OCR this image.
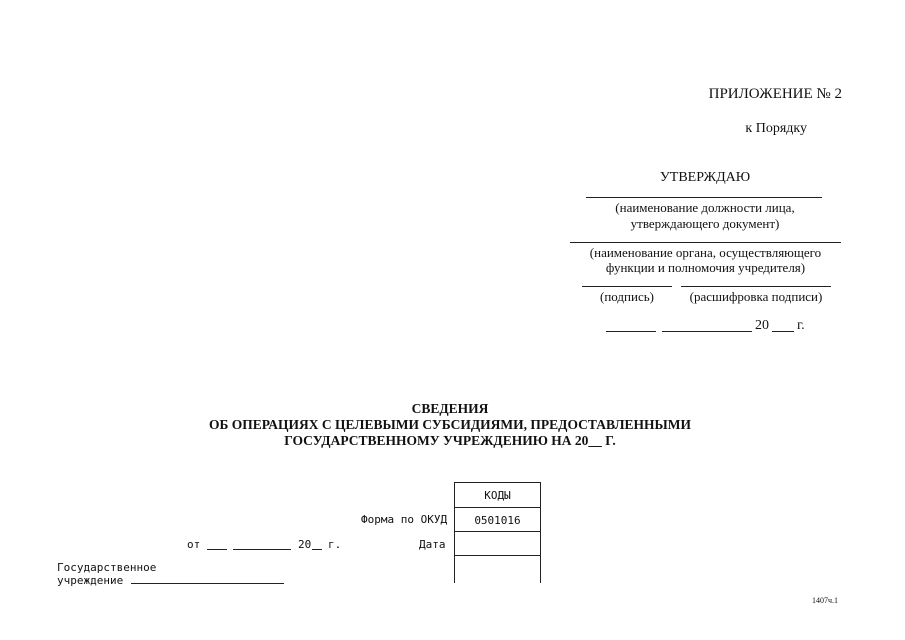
ПРИЛОЖЕНИЕ № 2
к Порядку
УТВЕРЖДАЮ
(наименование должности лица,
утверждающего документ)
(наименование органа, осуществляющего
функции и полномочия учредителя)
(подпись)	(расшифровка подписи)
20 г.
СВЕДЕНИЯ
ОБ ОПЕРАЦИЯХ С ЦЕЛЕВЫМИ СУБСИДИЯМИ, ПРЕДОСТАВЛЕННЫМИ
ГОСУДАРСТВЕННОМУ УЧРЕЖДЕНИЮ НА 20__ Г.
КОДЫ
0501016
Форма по ОКУД
Дата
от	20 г.
Государственное
учреждение
1407ч.1
